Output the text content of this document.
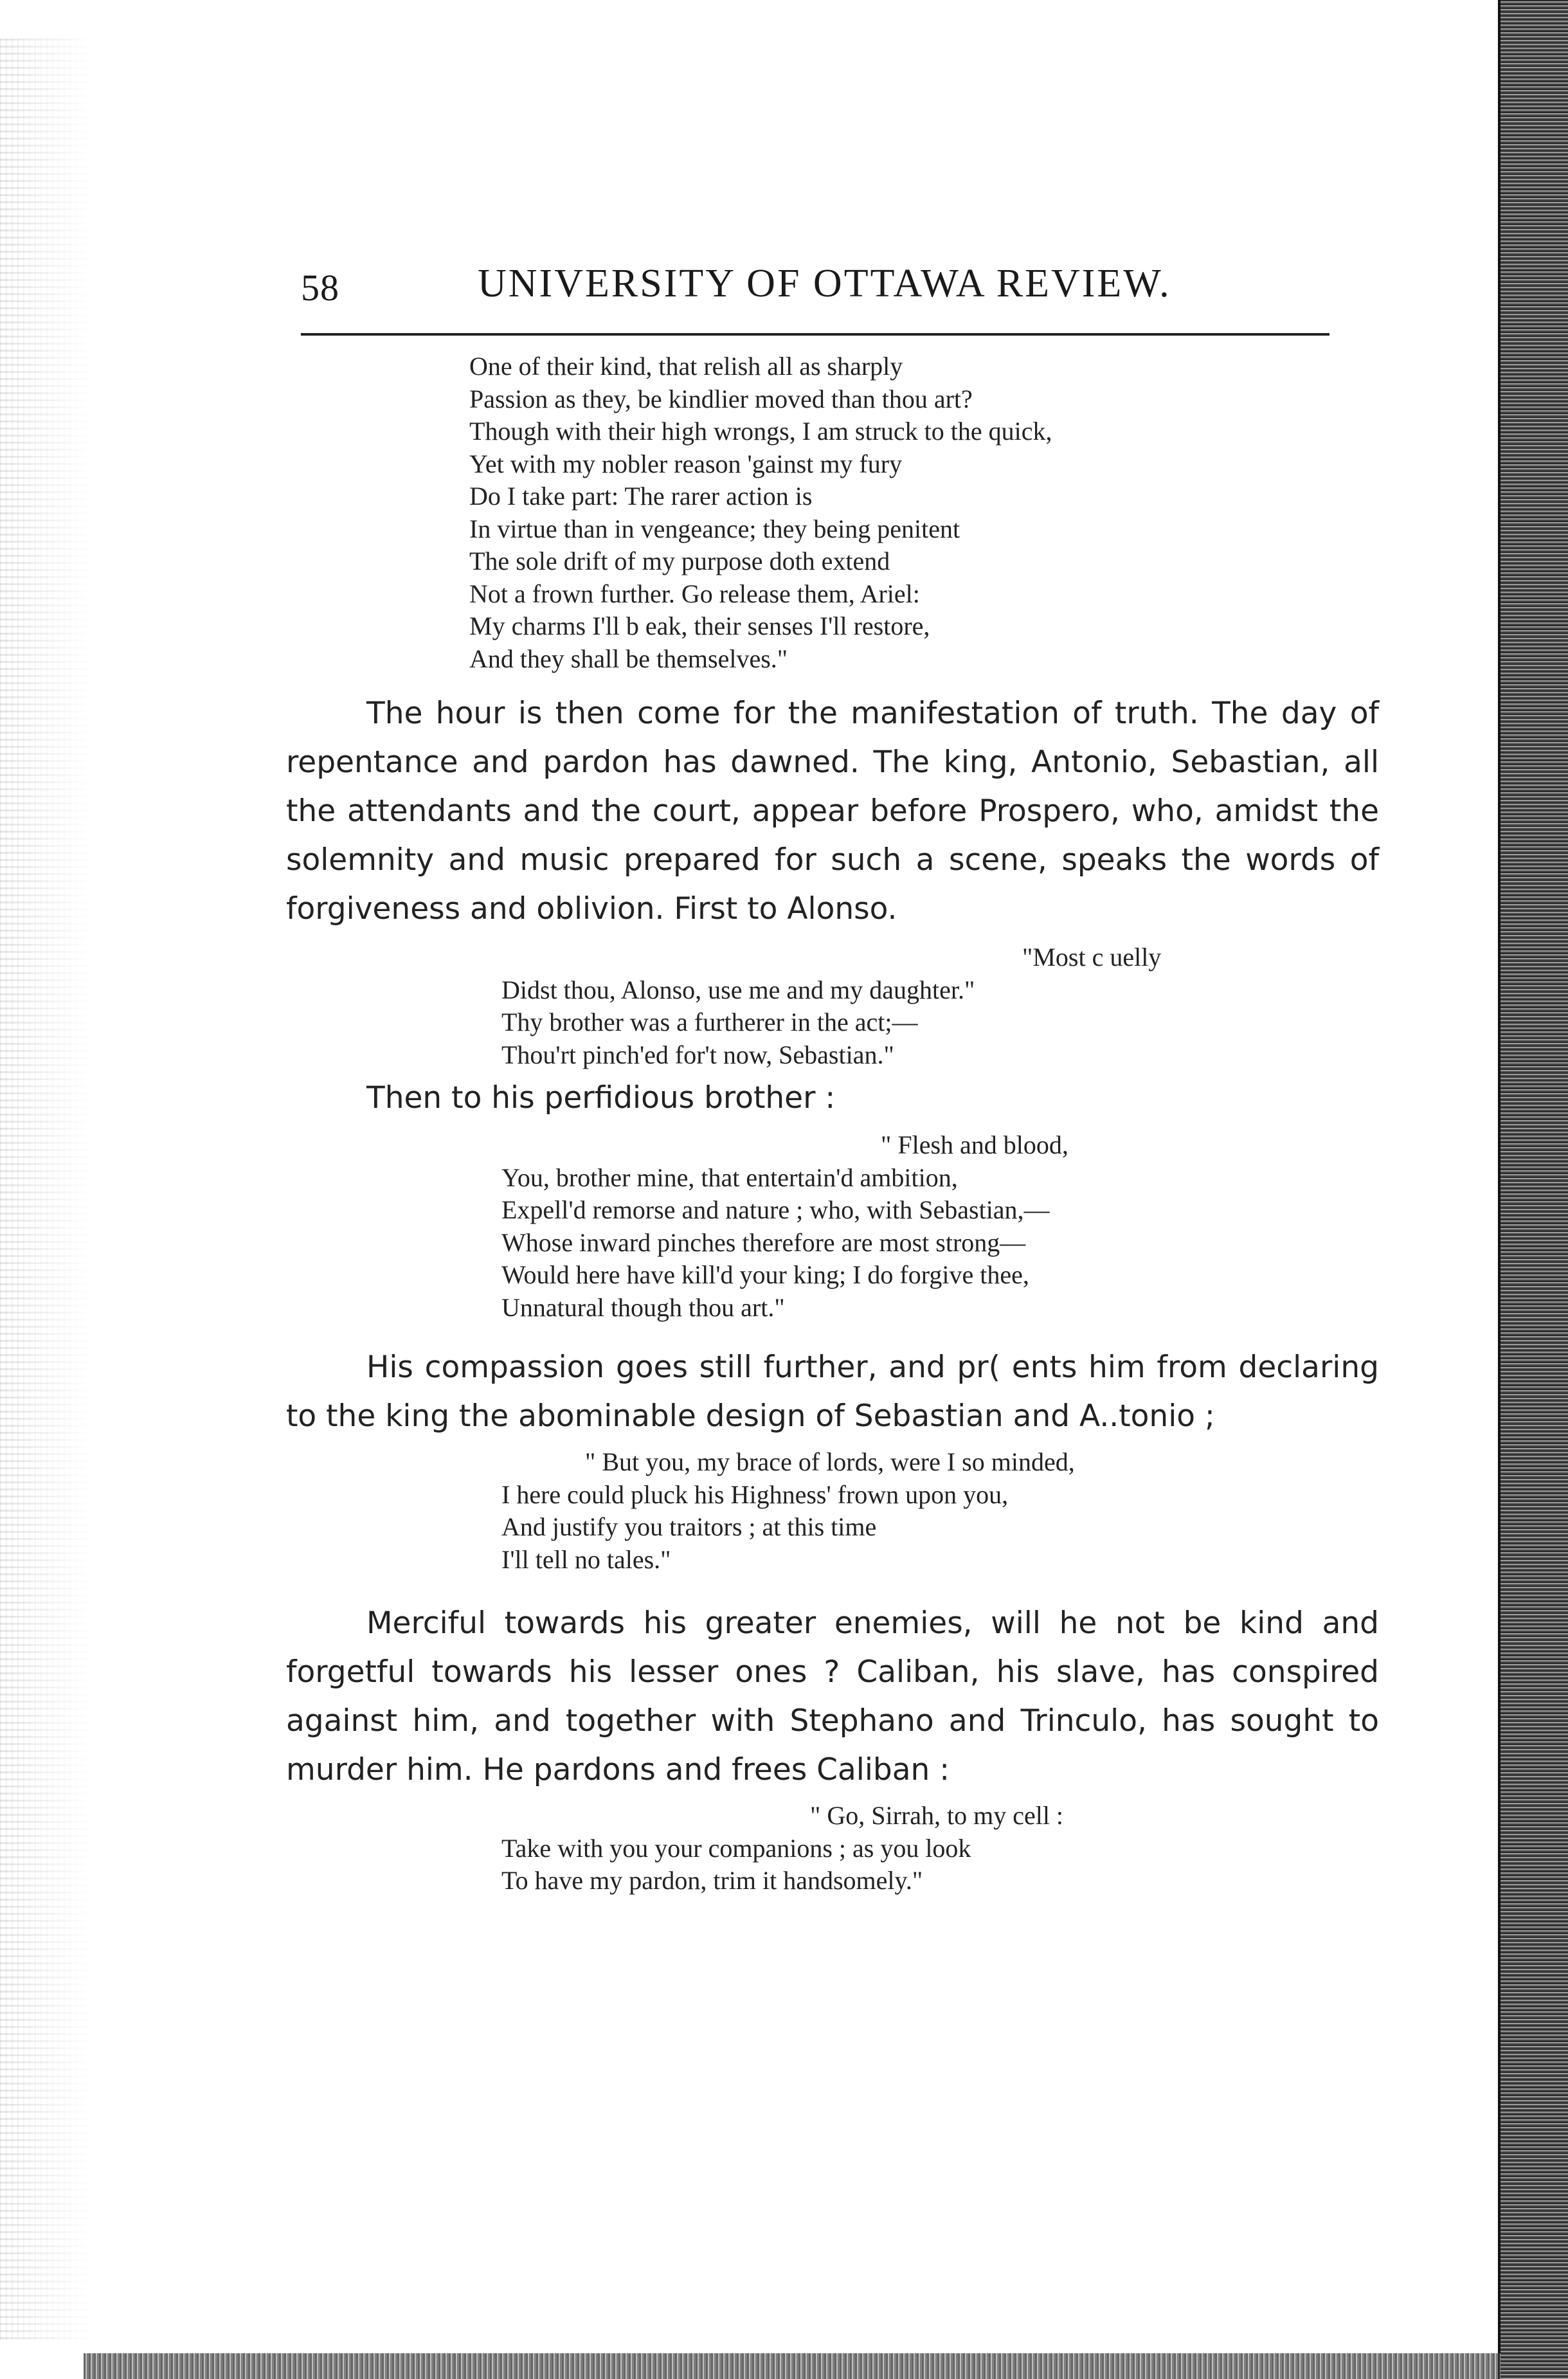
58	UNIVERSITY OF OTTAWA REVIEW.
One of their kind, that relish all as sharply
Passion as they, be kindlier moved than thou art?
Though with their high wrongs, I am struck to the quick,
Yet with my nobler reason 'gainst my fury
Do I take part: The rarer action is
In virtue than in vengeance; they being penitent
The sole drift of my purpose doth extend
Not a frown further. Go release them, Ariel:
My charms I'll b eak, their senses I'll restore,
And they shall be themselves."

The hour is then come for the manifestation of truth. The day of repentance and pardon has dawned. The king, Antonio, Sebastian, all the attendants and the court, appear before Prospero, who, amidst the solemnity and music prepared for such a scene, speaks the words of forgiveness and oblivion. First to Alonso.

"Most c uelly
Didst thou, Alonso, use me and my daughter."
Thy brother was a furtherer in the act;—
Thou'rt pinch'ed for't now, Sebastian."

Then to his perfidious brother :

" Flesh and blood,
You, brother mine, that entertain'd ambition,
Expell'd remorse and nature ; who, with Sebastian,—
Whose inward pinches therefore are most strong—
Would here have kill'd your king; I do forgive thee,
Unnatural though thou art."

His compassion goes still further, and pr( ents him from declaring to the king the abominable design of Sebastian and A..tonio ;

" But you, my brace of lords, were I so minded,
I here could pluck his Highness' frown upon you,
And justify you traitors ; at this time
I'll tell no tales."

Merciful towards his greater enemies, will he not be kind and forgetful towards his lesser ones ? Caliban, his slave, has conspired against him, and together with Stephano and Trinculo, has sought to murder him. He pardons and frees Caliban :

" Go, Sirrah, to my cell :
Take with you your companions ; as you look
To have my pardon, trim it handsomely."
